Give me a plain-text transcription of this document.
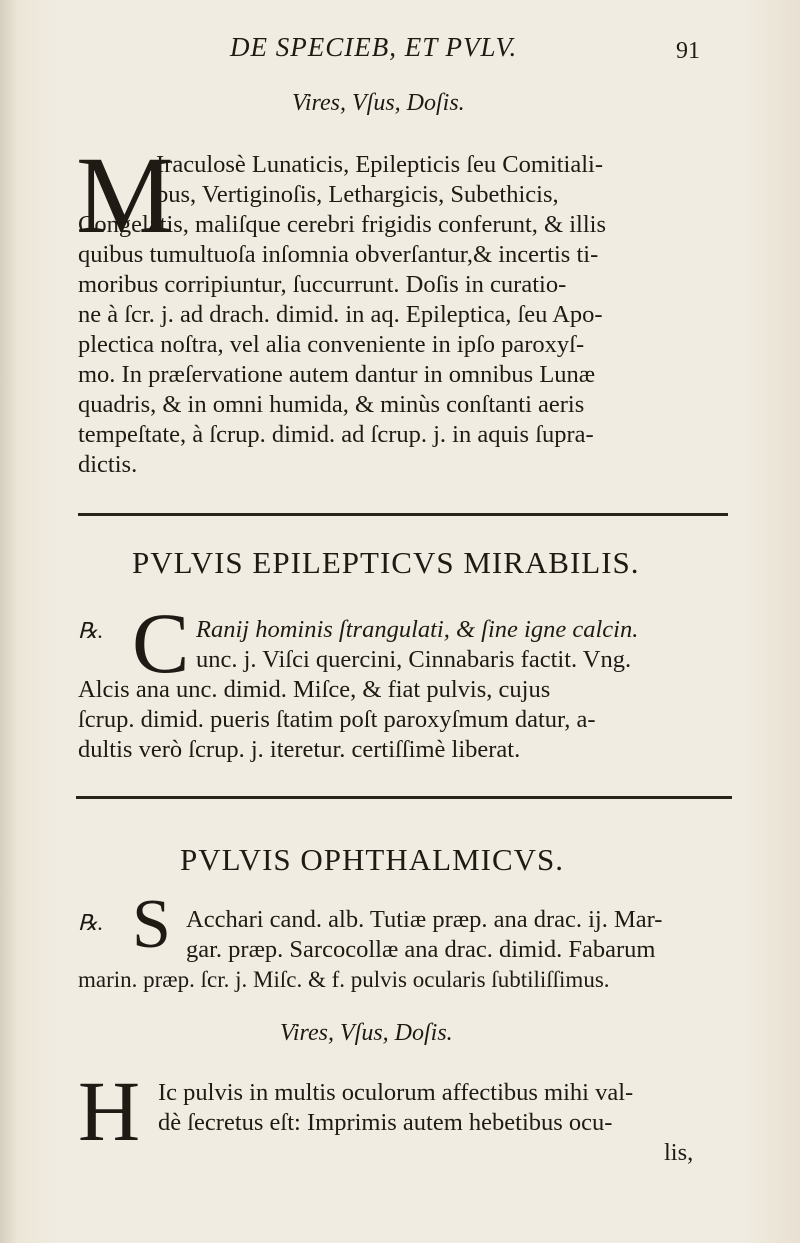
DE SPECIEB, ET PVLV.	91
Vires, Vſus, Doſis.
M
Iraculosè Lunaticis, Epilepticis ſeu Comitiali-
bus, Vertiginoſis, Lethargicis, Subethicis,
Congelatis, maliſque cerebri frigidis conferunt, & illis
quibus tumultuoſa inſomnia obverſantur,& incertis ti-
moribus corripiuntur, ſuccurrunt. Doſis in curatio-
ne à ſcr. j. ad drach. dimid. in aq. Epileptica, ſeu Apo-
plectica noſtra, vel alia conveniente in ipſo paroxyſ-
mo. In præſervatione autem dantur in omnibus Lunæ
quadris, & in omni humida, & minùs conſtanti aeris
tempeſtate, à ſcrup. dimid. ad ſcrup. j. in aquis ſupra-
dictis.
PVLVIS EPILEPTICVS MIRABILIS.
℞. C Ranij hominis ſtrangulati, & ſine igne calcin.
unc. j. Viſci quercini, Cinnabaris factit. Vng.
Alcis ana unc. dimid. Miſce, & fiat pulvis, cujus
ſcrup. dimid. pueris ſtatim poſt paroxyſmum datur, a-
dultis verò ſcrup. j. iteretur. certiſſimè liberat.
PVLVIS OPHTHALMICVS.
℞. S Acchari cand. alb. Tutiæ præp. ana drac. ij. Mar-
gar. præp. Sarcocollæ ana drac. dimid. Fabarum
marin. præp. ſcr. j. Miſc. & f. pulvis ocularis ſubtiliſſimus.
Vires, Vſus, Doſis.
H Ic pulvis in multis oculorum affectibus mihi val-
dè ſecretus eſt: Imprimis autem hebetibus ocu-
lis,
